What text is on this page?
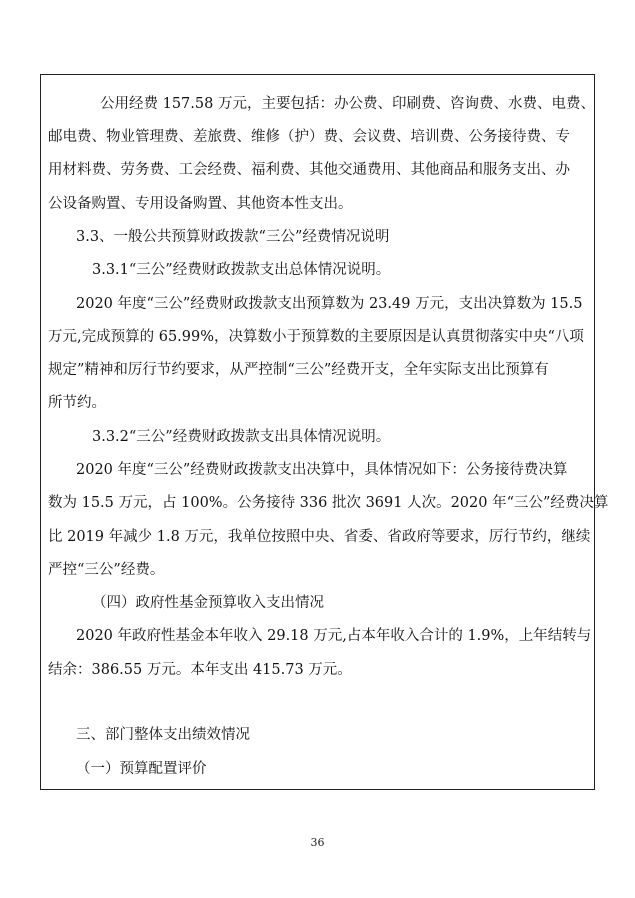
公用经费 157.58 万元，主要包括：办公费、印刷费、咨询费、水费、电费、
邮电费、物业管理费、差旅费、维修（护）费、会议费、培训费、公务接待费、专
用材料费、劳务费、工会经费、福利费、其他交通费用、其他商品和服务支出、办
公设备购置、专用设备购置、其他资本性支出。
3.3、一般公共预算财政拨款“三公”经费情况说明
3.3.1“三公”经费财政拨款支出总体情况说明。
2020 年度“三公”经费财政拨款支出预算数为 23.49 万元，支出决算数为 15.5
万元,完成预算的 65.99%，决算数小于预算数的主要原因是认真贯彻落实中央“八项
规定”精神和厉行节约要求，从严控制“三公”经费开支，全年实际支出比预算有
所节约。
3.3.2“三公”经费财政拨款支出具体情况说明。
2020 年度“三公”经费财政拨款支出决算中，具体情况如下：公务接待费决算
数为 15.5 万元，占 100%。公务接待 336 批次 3691 人次。2020 年“三公”经费决算
比 2019 年减少 1.8 万元，我单位按照中央、省委、省政府等要求，厉行节约，继续
严控“三公”经费。
（四）政府性基金预算收入支出情况
2020 年政府性基金本年收入 29.18 万元,占本年收入合计的 1.9%，上年结转与
结余：386.55 万元。本年支出 415.73 万元。
三、部门整体支出绩效情况
（一）预算配置评价
36
